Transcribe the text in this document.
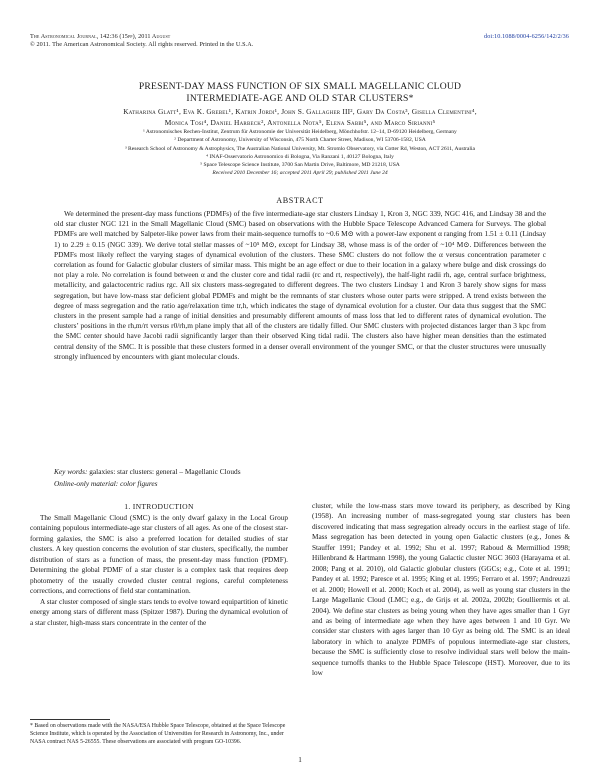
The Astronomical Journal, 142:36 (15pp), 2011 August
© 2011. The American Astronomical Society. All rights reserved. Printed in the U.S.A.
doi:10.1088/0004-6256/142/2/36
PRESENT-DAY MASS FUNCTION OF SIX SMALL MAGELLANIC CLOUD
INTERMEDIATE-AGE AND OLD STAR CLUSTERS*
Katharina Glatt¹, Eva K. Grebel¹, Katrin Jordi¹, John S. Gallagher III², Gary Da Costa³, Gisella Clementini⁴,
Monica Tosi⁴, Daniel Harbeck², Antonella Nota⁵, Elena Sabbi⁵, and Marco Sirianni⁵
¹ Astronomisches Rechen-Institut, Zentrum für Astronomie der Universität Heidelberg, Mönchhofstr. 12–14, D-69120 Heidelberg, Germany
² Department of Astronomy, University of Wisconsin, 475 North Charter Street, Madison, WI 53706-1582, USA
³ Research School of Astronomy & Astrophysics, The Australian National University, Mt. Stromlo Observatory, via Cotter Rd, Weston, ACT 2611, Australia
⁴ INAF-Osservatorio Astronomico di Bologna, Via Ranzani 1, 40127 Bologna, Italy
⁵ Space Telescope Science Institute, 3700 San Martin Drive, Baltimore, MD 21218, USA
Received 2010 December 16; accepted 2011 April 29; published 2011 June 24
ABSTRACT
We determined the present-day mass functions (PDMFs) of the five intermediate-age star clusters Lindsay 1, Kron 3, NGC 339, NGC 416, and Lindsay 38 and the old star cluster NGC 121 in the Small Magellanic Cloud (SMC) based on observations with the Hubble Space Telescope Advanced Camera for Surveys. The global PDMFs are well matched by Salpeter-like power laws from their main-sequence turnoffs to ~0.6 M⊙ with a power-law exponent α ranging from 1.51 ± 0.11 (Lindsay 1) to 2.29 ± 0.15 (NGC 339). We derive total stellar masses of ~10⁵ M⊙, except for Lindsay 38, whose mass is of the order of ~10⁴ M⊙. Differences between the PDMFs most likely reflect the varying stages of dynamical evolution of the clusters. These SMC clusters do not follow the α versus concentration parameter c correlation as found for Galactic globular clusters of similar mass. This might be an age effect or due to their location in a galaxy where bulge and disk crossings do not play a role. No correlation is found between α and the cluster core and tidal radii (rc and rt, respectively), the half-light radii rh, age, central surface brightness, metallicity, and galactocentric radius rgc. All six clusters mass-segregated to different degrees. The two clusters Lindsay 1 and Kron 3 barely show signs for mass segregation, but have low-mass star deficient global PDMFs and might be the remnants of star clusters whose outer parts were stripped. A trend exists between the degree of mass segregation and the ratio age/relaxation time tr,h, which indicates the stage of dynamical evolution for a cluster. Our data thus suggest that the SMC clusters in the present sample had a range of initial densities and presumably different amounts of mass loss that led to different rates of dynamical evolution. The clusters’ positions in the rh,m/rt versus r0/rh,m plane imply that all of the clusters are tidally filled. Our SMC clusters with projected distances larger than 3 kpc from the SMC center should have Jacobi radii significantly larger than their observed King tidal radii. The clusters also have higher mean densities than the estimated central density of the SMC. It is possible that these clusters formed in a denser overall environment of the younger SMC, or that the cluster structures were unusually strongly influenced by encounters with giant molecular clouds.
Key words: galaxies: star clusters: general – Magellanic Clouds
Online-only material: color figures
1. INTRODUCTION

The Small Magellanic Cloud (SMC) is the only dwarf galaxy in the Local Group containing populous intermediate-age star clusters of all ages. As one of the closest star-forming galaxies, the SMC is also a preferred location for detailed studies of star clusters. A key question concerns the evolution of star clusters, specifically, the number distribution of stars as a function of mass, the present-day mass function (PDMF). Determining the global PDMF of a star cluster is a complex task that requires deep photometry of the usually crowded cluster central regions, careful completeness corrections, and corrections of field star contamination.

A star cluster composed of single stars tends to evolve toward equipartition of kinetic energy among stars of different mass (Spitzer 1987). During the dynamical evolution of a star cluster, high-mass stars concentrate in the center of the

cluster, while the low-mass stars move toward its periphery, as described by King (1958). An increasing number of mass-segregated young star clusters has been discovered indicating that mass segregation already occurs in the earliest stage of life. Mass segregation has been detected in young open Galactic clusters (e.g., Jones & Stauffer 1991; Pandey et al. 1992; Shu et al. 1997; Raboud & Mermilliod 1998; Hillenbrand & Hartmann 1998), the young Galactic cluster NGC 3603 (Harayama et al. 2008; Pang et al. 2010), old Galactic globular clusters (GGCs; e.g., Cote et al. 1991; Pandey et al. 1992; Paresce et al. 1995; King et al. 1995; Ferraro et al. 1997; Andreuzzi et al. 2000; Howell et al. 2000; Koch et al. 2004), as well as young star clusters in the Large Magellanic Cloud (LMC; e.g., de Grijs et al. 2002a, 2002b; Goulliermis et al. 2004). We define star clusters as being young when they have ages smaller than 1 Gyr and as being of intermediate age when they have ages between 1 and 10 Gyr. We consider star clusters with ages larger than 10 Gyr as being old. The SMC is an ideal laboratory in which to analyze PDMFs of populous intermediate-age star clusters, because the SMC is sufficiently close to resolve individual stars well below the main-sequence turnoffs thanks to the Hubble Space Telescope (HST). Moreover, due to its low

* Based on observations made with the NASA/ESA Hubble Space Telescope, obtained at the Space Telescope Science Institute, which is operated by the Association of Universities for Research in Astronomy, Inc., under NASA contract NAS 5-26555. These observations are associated with program GO-10396.
1
